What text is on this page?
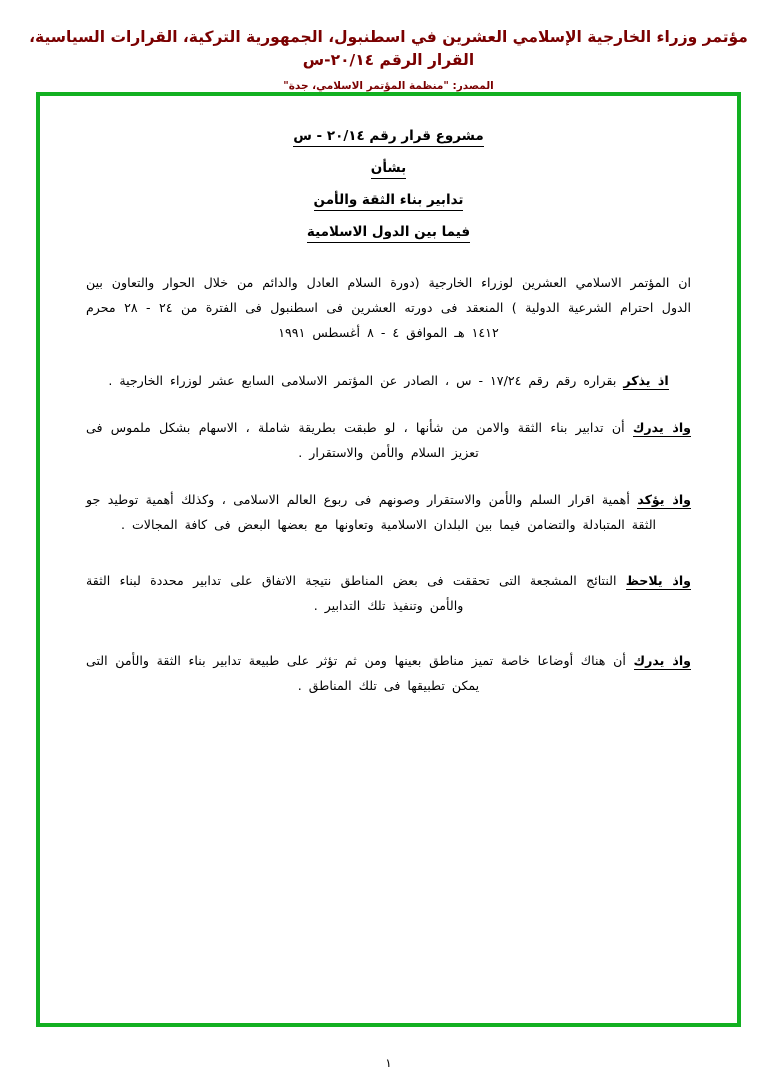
مؤتمر وزراء الخارجية الإسلامي العشرين في اسطنبول، الجمهورية التركية، القرارات السياسية، القرار الرقم ٢٠/١٤-س
المصدر: "منظمة المؤتمر الاسلامي، جدة"
مشروع قرار رقم ٢٠/١٤ - س
بشأن
تدابير بناء الثقة والأمن
فيما بين الدول الاسلامية

ان المؤتمر الاسلامي العشرين لوزراء الخارجية (دورة السلام العادل والدائم من خلال الحوار والتعاون بين الدول احترام الشرعية الدولية ) المنعقد فى دورته العشرين فى اسطنبول فى الفترة من ٢٤ - ٢٨ محرم ١٤١٢ هـ الموافق ٤ - ٨ أغسطس ١٩٩١

اذ يذكر بقراره رقم رقم ١٧/٢٤ - س ، الصادر عن المؤتمر الاسلامى السابع عشر لوزراء الخارجية .

واذ يدرك أن تدابير بناء الثقة والامن من شأنها ، لو طبقت بطريقة شاملة ، الاسهام بشكل ملموس فى تعزيز السلام والأمن والاستقرار .

واذ يؤكد أهمية اقرار السلم والأمن والاستقرار وصونهم فى ربوع العالم الاسلامى ، وكذلك أهمية توطيد جو الثقة المتبادلة والتضامن فيما بين البلدان الاسلامية وتعاونها مع بعضها البعض فى كافة المجالات .

واذ يلاحظ النتائج المشجعة التى تحققت فى بعض المناطق نتيجة الاتفاق على تدابير محددة لبناء الثقة والأمن وتنفيذ تلك التدابير .

واذ يدرك أن هناك أوضاعا خاصة تميز مناطق بعينها ومن ثم تؤثر على طبيعة تدابير بناء الثقة والأمن التى يمكن تطبيقها فى تلك المناطق .

١
